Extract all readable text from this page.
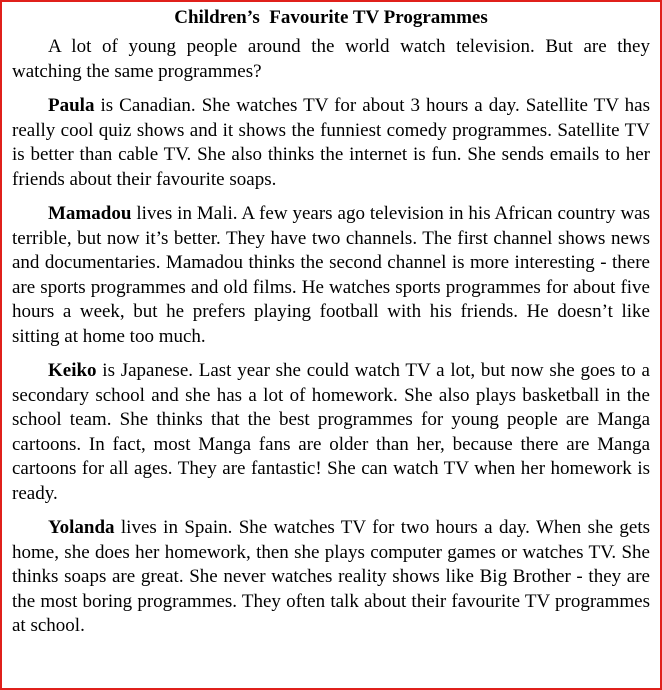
Children’s  Favourite TV Programmes

A lot of young people around the world watch television. But are they watching the same programmes?

Paula is Canadian. She watches TV for about 3 hours a day. Satellite TV has really cool quiz shows and it shows the funniest comedy programmes. Satellite TV is better than cable TV. She also thinks the internet is fun. She sends emails to her friends about their favourite soaps.

Mamadou lives in Mali. A few years ago television in his African country was terrible, but now it’s better. They have two channels. The first channel shows news and documentaries. Mamadou thinks the second channel is more interesting - there are sports programmes and old films. He watches sports programmes for about five hours a week, but he prefers playing football with his friends. He doesn’t like sitting at home too much.

Keiko is Japanese. Last year she could watch TV a lot, but now she goes to a secondary school and she has a lot of homework. She also plays basketball in the school team. She thinks that the best programmes for young people are Manga cartoons. In fact, most Manga fans are older than her, because there are Manga cartoons for all ages. They are fantastic! She can watch TV when her homework is ready.

Yolanda lives in Spain. She watches TV for two hours a day. When she gets home, she does her homework, then she plays computer games or watches TV. She thinks soaps are great. She never watches reality shows like Big Brother - they are the most boring programmes. They often talk about their favourite TV programmes at school.
